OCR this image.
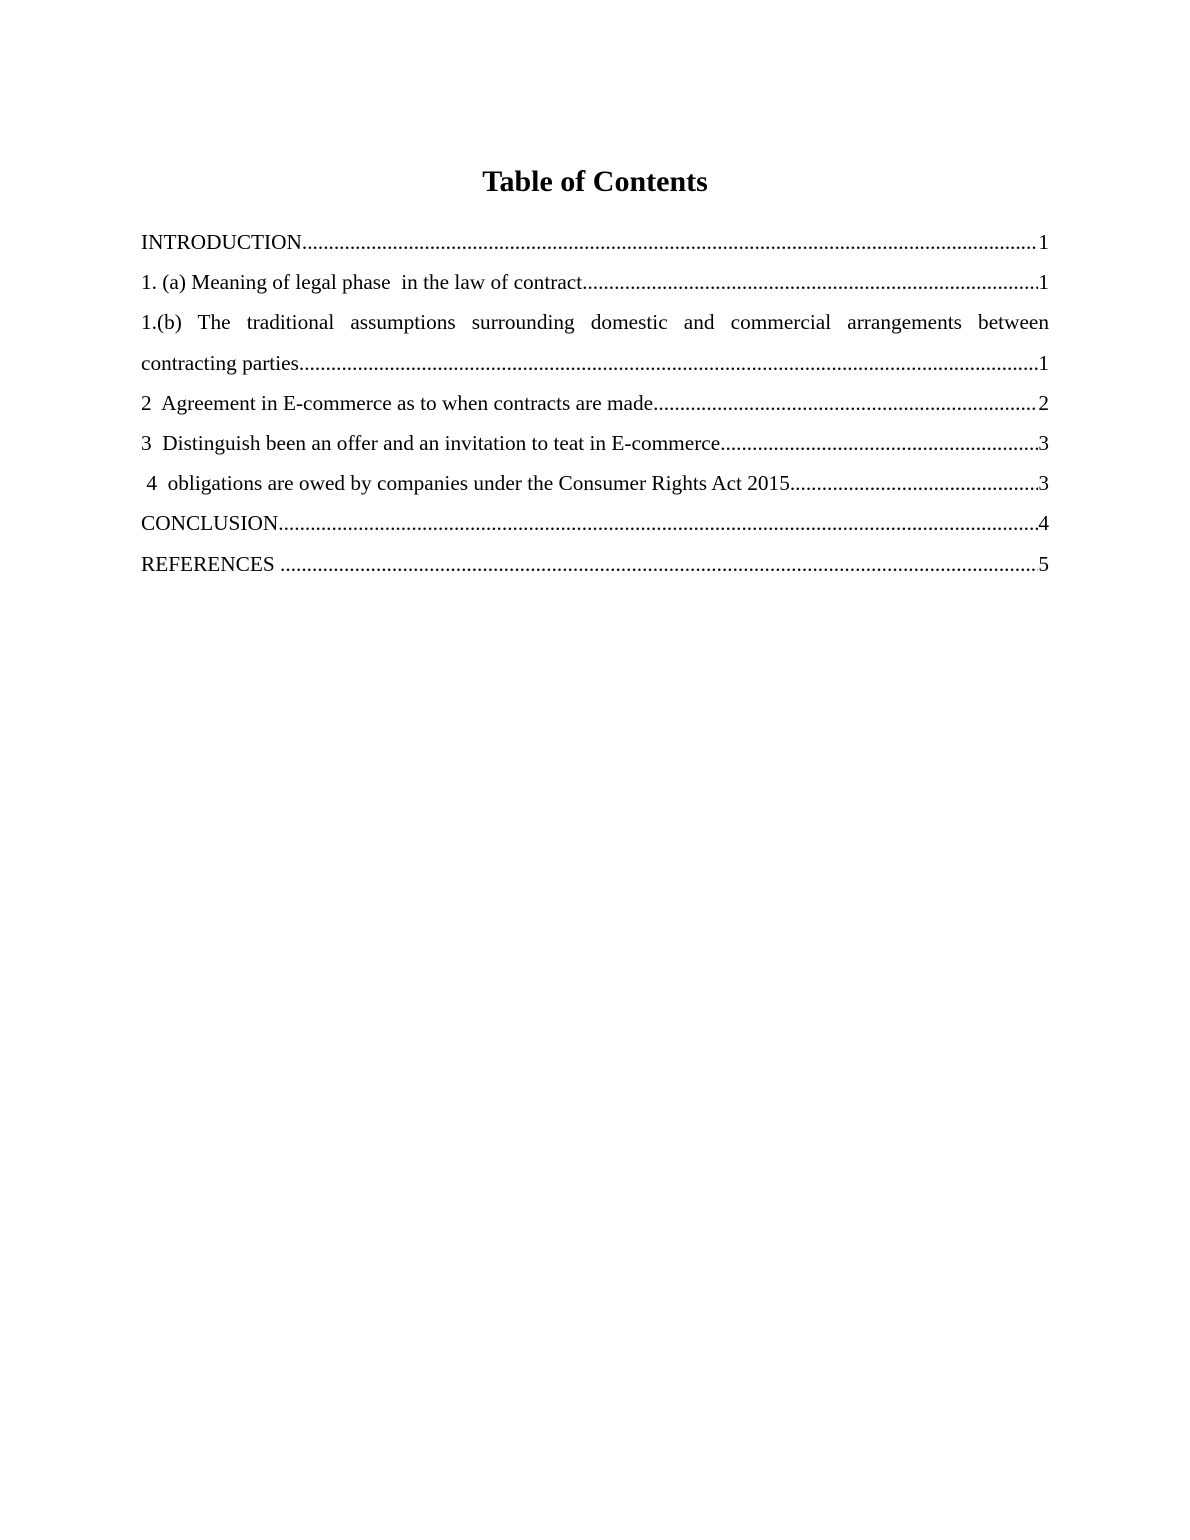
Table of Contents
INTRODUCTION .....	1
1. (a) Meaning of legal phase  in the law of contract .....	1
1.(b) The traditional assumptions surrounding domestic and commercial arrangements between
contracting parties .....	1
2  Agreement in E-commerce as to when contracts are made .....	2
3  Distinguish been an offer and an invitation to teat in E-commerce .....	3
4  obligations are owed by companies under the Consumer Rights Act 2015 .....	3
CONCLUSION .....	4
REFERENCES .....	5
